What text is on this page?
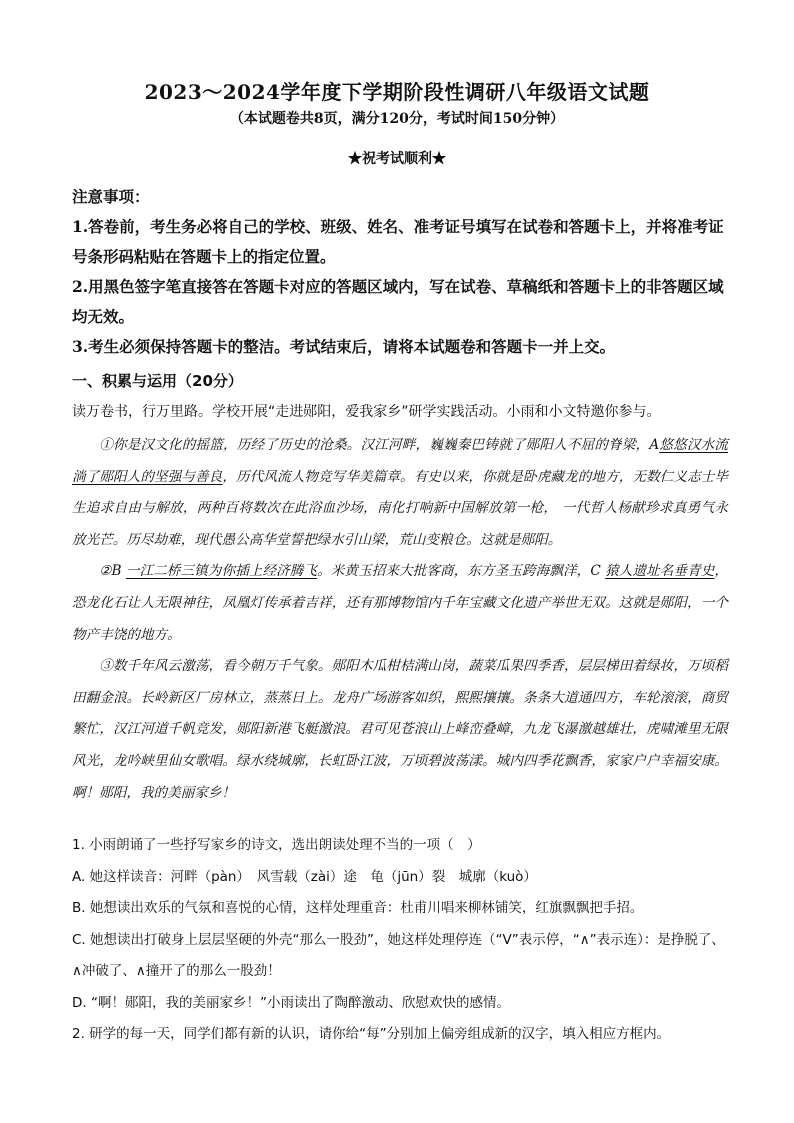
2023～2024学年度下学期阶段性调研八年级语文试题
（本试题卷共8页，满分120分，考试时间150分钟）
★祝考试顺利★

注意事项：

1.答卷前，考生务必将自己的学校、班级、姓名、准考证号填写在试卷和答题卡上，并将准考证号条形码粘贴在答题卡上的指定位置。

2.用黑色签字笔直接答在答题卡对应的答题区域内，写在试卷、草稿纸和答题卡上的非答题区域均无效。

3.考生必须保持答题卡的整洁。考试结束后，请将本试题卷和答题卡一并上交。

一、积累与运用（20分）
读万卷书，行万里路。学校开展“走进郧阳，爱我家乡”研学实践活动。小雨和小文特邀你参与。

①你是汉文化的摇篮，历经了历史的沧桑。汉江河畔，巍巍秦巴铸就了郧阳人不屈的脊梁，A悠悠汉水流淌了郧阳人的坚强与善良，历代风流人物竞写华美篇章。有史以来，你就是卧虎藏龙的地方，无数仁义志士毕生追求自由与解放，两种百将数次在此浴血沙场，南化打响新中国解放第一枪， 一代哲人杨献珍求真勇气永放光芒。历尽劫难，现代愚公高华堂誓把绿水引山梁，荒山变粮仓。这就是郧阳。

②B 一江二桥三镇为你插上经济腾飞。米黄玉招来大批客商，东方圣玉跨海飘洋，C 猿人遗址名垂青史，恐龙化石让人无限神往，凤凰灯传承着吉祥，还有那博物馆内千年宝藏文化遗产举世无双。这就是郧阳，一个物产丰饶的地方。

③数千年风云激荡，看今朝万千气象。郧阳木瓜柑桔满山岗，蔬菜瓜果四季香，层层梯田着绿妆，万顷稻田翻金浪。长岭新区厂房林立，蒸蒸日上。龙舟广场游客如织，熙熙攘攘。条条大道通四方，车轮滚滚，商贸繁忙，汉江河道千帆竞发，郧阳新港飞艇激浪。君可见苍浪山上峰峦叠嶂，九龙飞瀑激越雄壮，虎啸滩里无限风光，龙吟峡里仙女歌唱。绿水绕城廓，长虹卧江波，万顷碧波荡漾。城内四季花飘香，家家户户幸福安康。啊！郧阳，我的美丽家乡！

1. 小雨朗诵了一些抒写家乡的诗文，选出朗读处理不当的一项（　）

A. 她这样读音：河畔（pàn）　风雪载（zài）途　龟（jūn）裂　城廓（kuò）

B. 她想读出欢乐的气氛和喜悦的心情，这样处理重音：杜甫川唱来柳林铺笑，红旗飘飘把手招。

C. 她想读出打破身上层层坚硬的外壳“那么一股劲”，她这样处理停连（“V”表示停，“∧”表示连）：是挣脱了、∧冲破了、∧撞开了的那么一股劲！

D. “啊！郧阳，我的美丽家乡！”小雨读出了陶醉激动、欣慰欢快的感情。

2. 研学的每一天，同学们都有新的认识，请你给“每”分别加上偏旁组成新的汉字，填入相应方框内。
